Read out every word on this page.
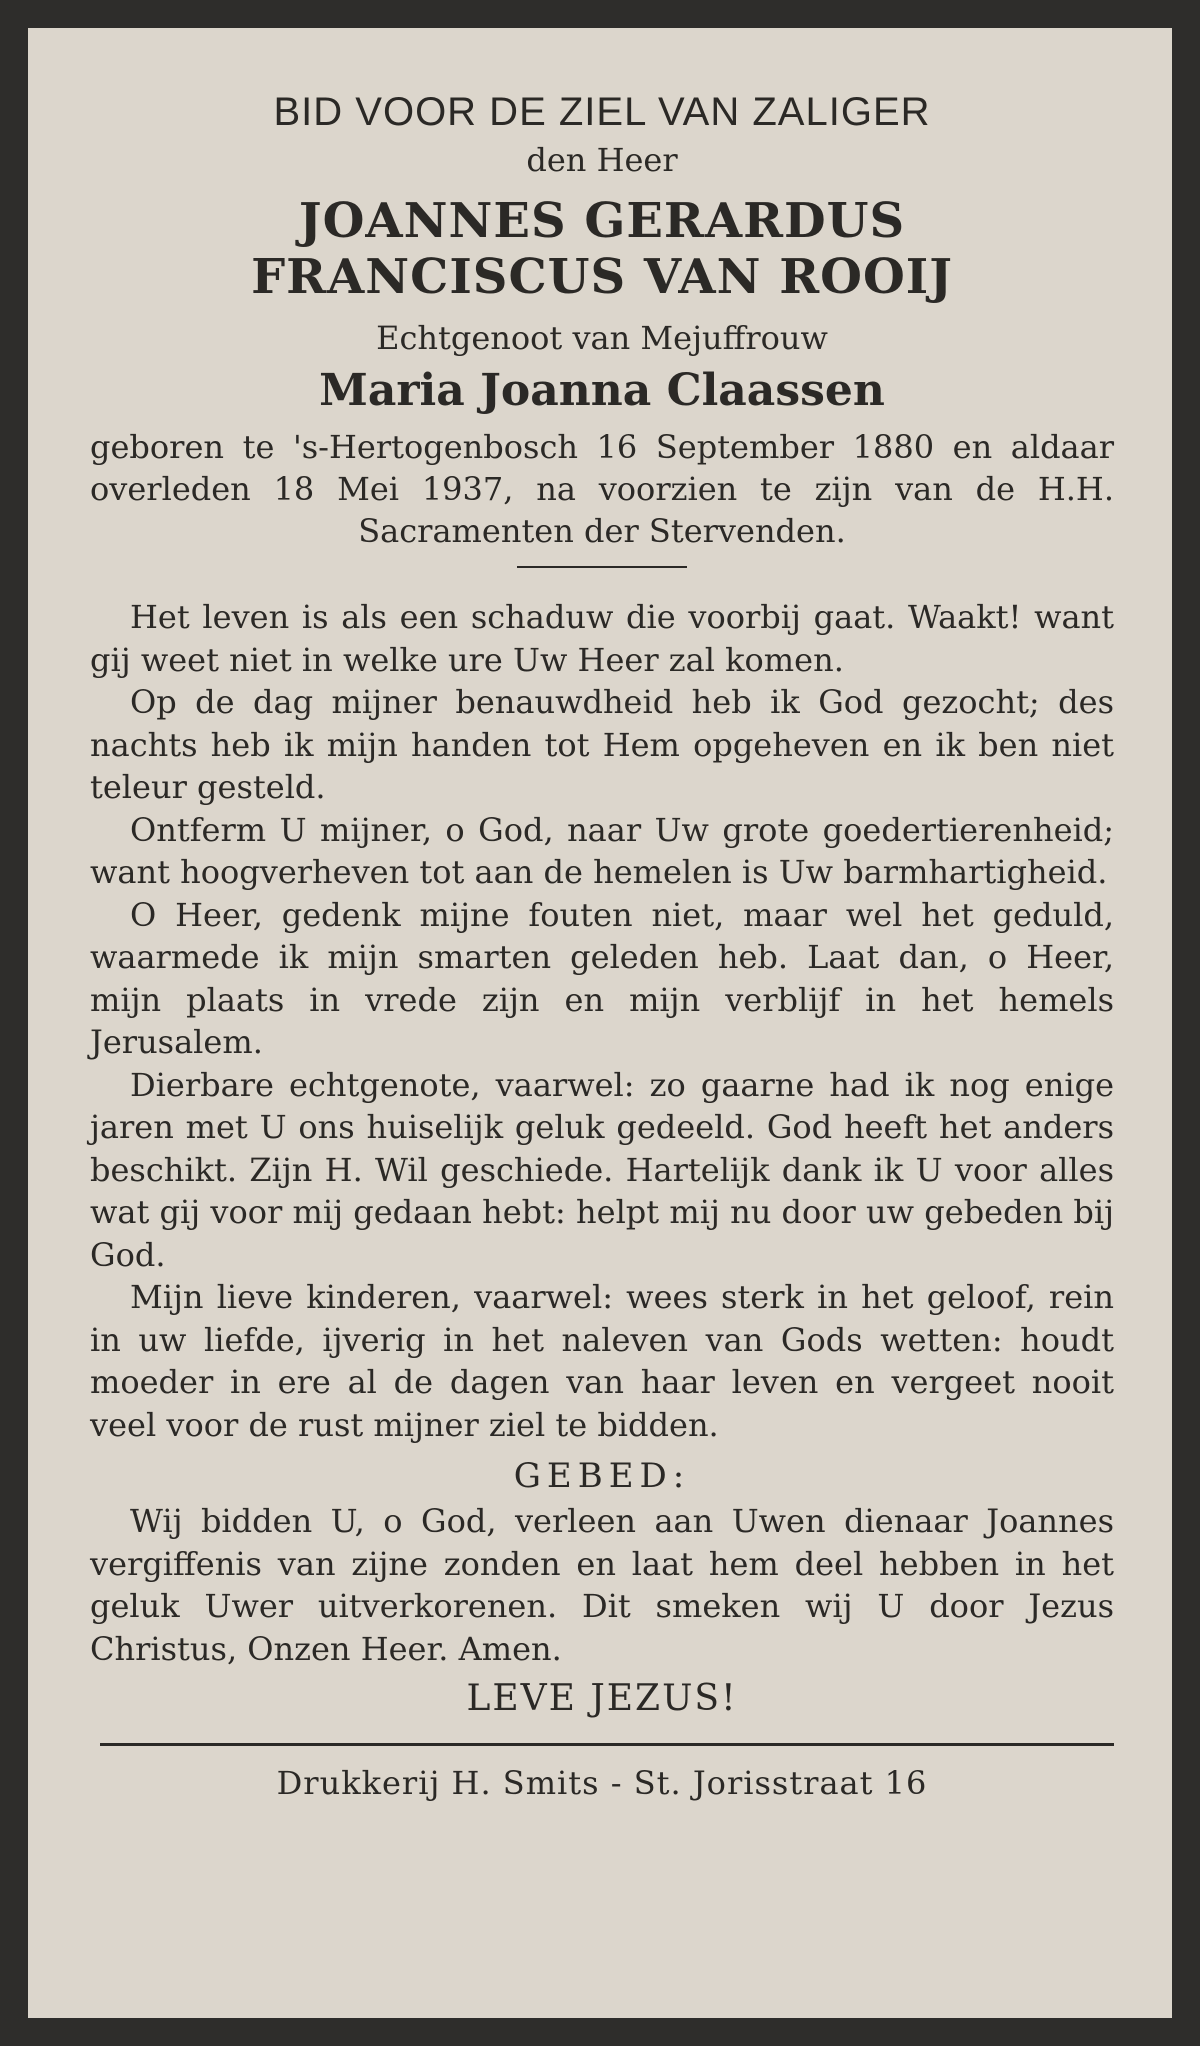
BID VOOR DE ZIEL VAN ZALIGER
den Heer
JOANNES GERARDUS
FRANCISCUS VAN ROOIJ
Echtgenoot van Mejuffrouw
Maria Joanna Claassen
geboren te 's-Hertogenbosch 16 September 1880 en aldaar overleden 18 Mei 1937, na voorzien te zijn van de H.H. Sacramenten der Stervenden.

Het leven is als een schaduw die voorbij gaat. Waakt! want gij weet niet in welke ure Uw Heer zal komen.

Op de dag mijner benauwdheid heb ik God gezocht; des nachts heb ik mijn handen tot Hem opgeheven en ik ben niet teleur gesteld.

Ontferm U mijner, o God, naar Uw grote goedertierenheid; want hoogverheven tot aan de hemelen is Uw barmhartigheid.

O Heer, gedenk mijne fouten niet, maar wel het geduld, waarmede ik mijn smarten geleden heb. Laat dan, o Heer, mijn plaats in vrede zijn en mijn verblijf in het hemels Jerusalem.

Dierbare echtgenote, vaarwel: zo gaarne had ik nog enige jaren met U ons huiselijk geluk gedeeld. God heeft het anders beschikt. Zijn H. Wil geschiede. Hartelijk dank ik U voor alles wat gij voor mij gedaan hebt: helpt mij nu door uw gebeden bij God.

Mijn lieve kinderen, vaarwel: wees sterk in het geloof, rein in uw liefde, ijverig in het naleven van Gods wetten: houdt moeder in ere al de dagen van haar leven en vergeet nooit veel voor de rust mijner ziel te bidden.

GEBED:

Wij bidden U, o God, verleen aan Uwen dienaar Joannes vergiffenis van zijne zonden en laat hem deel hebben in het geluk Uwer uitverkorenen. Dit smeken wij U door Jezus Christus, Onzen Heer. Amen.

LEVE JEZUS!
Drukkerij H. Smits - St. Jorisstraat 16
